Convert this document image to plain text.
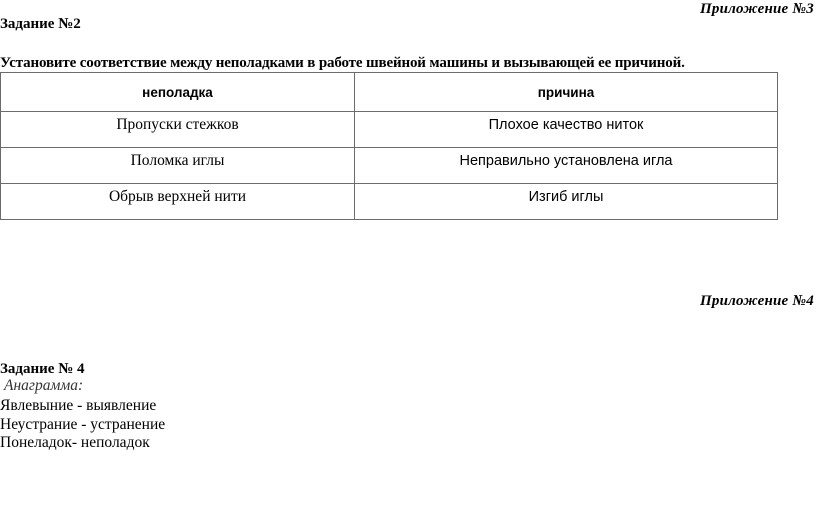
Приложение №3
Задание №2
Установите соответствие между неполадками в работе швейной машины и вызывающей ее причиной.
неполадка	причина
Пропуски стежков	Плохое качество ниток
Поломка иглы	Неправильно установлена игла
Обрыв верхней нити	Изгиб иглы
Приложение №4
Задание № 4
Анаграмма:
Явлевыние - выявление
Неустрание - устранение
Понеладок- неполадок
